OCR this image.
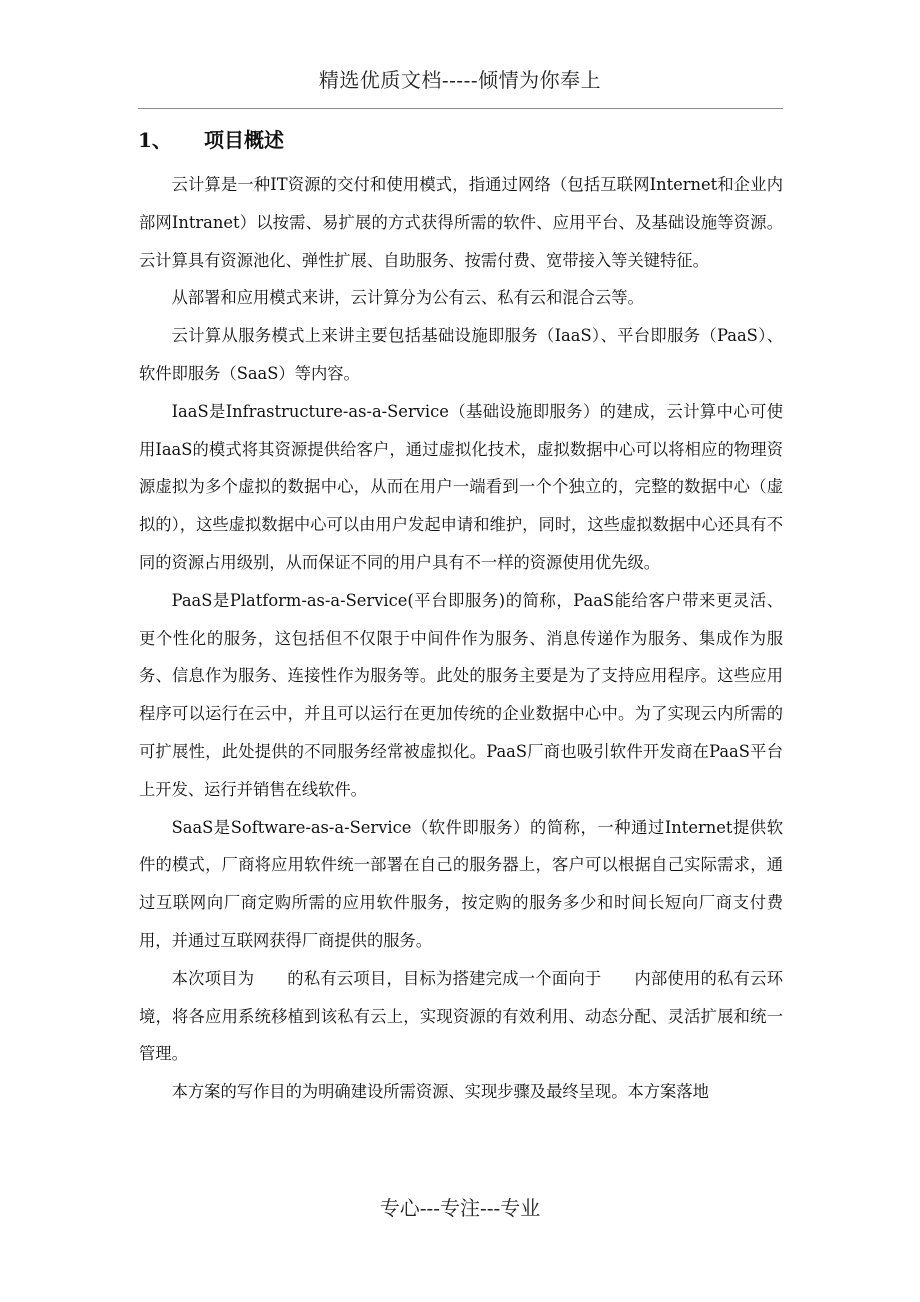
精选优质文档-----倾情为你奉上
1、	项目概述

云计算是一种IT资源的交付和使用模式，指通过网络（包括互联网Internet和企业内部网Intranet）以按需、易扩展的方式获得所需的软件、应用平台、及基础设施等资源。云计算具有资源池化、弹性扩展、自助服务、按需付费、宽带接入等关键特征。

从部署和应用模式来讲，云计算分为公有云、私有云和混合云等。

云计算从服务模式上来讲主要包括基础设施即服务（IaaS）、平台即服务（PaaS）、软件即服务（SaaS）等内容。

IaaS是Infrastructure-as-a-Service（基础设施即服务）的建成，云计算中心可使用IaaS的模式将其资源提供给客户，通过虚拟化技术，虚拟数据中心可以将相应的物理资源虚拟为多个虚拟的数据中心，从而在用户一端看到一个个独立的，完整的数据中心（虚拟的），这些虚拟数据中心可以由用户发起申请和维护，同时，这些虚拟数据中心还具有不同的资源占用级别，从而保证不同的用户具有不一样的资源使用优先级。

PaaS是Platform-as-a-Service(平台即服务)的简称，PaaS能给客户带来更灵活、更个性化的服务，这包括但不仅限于中间件作为服务、消息传递作为服务、集成作为服务、信息作为服务、连接性作为服务等。此处的服务主要是为了支持应用程序。这些应用程序可以运行在云中，并且可以运行在更加传统的企业数据中心中。为了实现云内所需的可扩展性，此处提供的不同服务经常被虚拟化。PaaS厂商也吸引软件开发商在PaaS平台上开发、运行并销售在线软件。

SaaS是Software-as-a-Service（软件即服务）的简称，一种通过Internet提供软件的模式，厂商将应用软件统一部署在自己的服务器上，客户可以根据自己实际需求，通过互联网向厂商定购所需的应用软件服务，按定购的服务多少和时间长短向厂商支付费用，并通过互联网获得厂商提供的服务。

本次项目为　　的私有云项目，目标为搭建完成一个面向于　　内部使用的私有云环境，将各应用系统移植到该私有云上，实现资源的有效利用、动态分配、灵活扩展和统一管理。

本方案的写作目的为明确建设所需资源、实现步骤及最终呈现。本方案落地

专心---专注---专业
